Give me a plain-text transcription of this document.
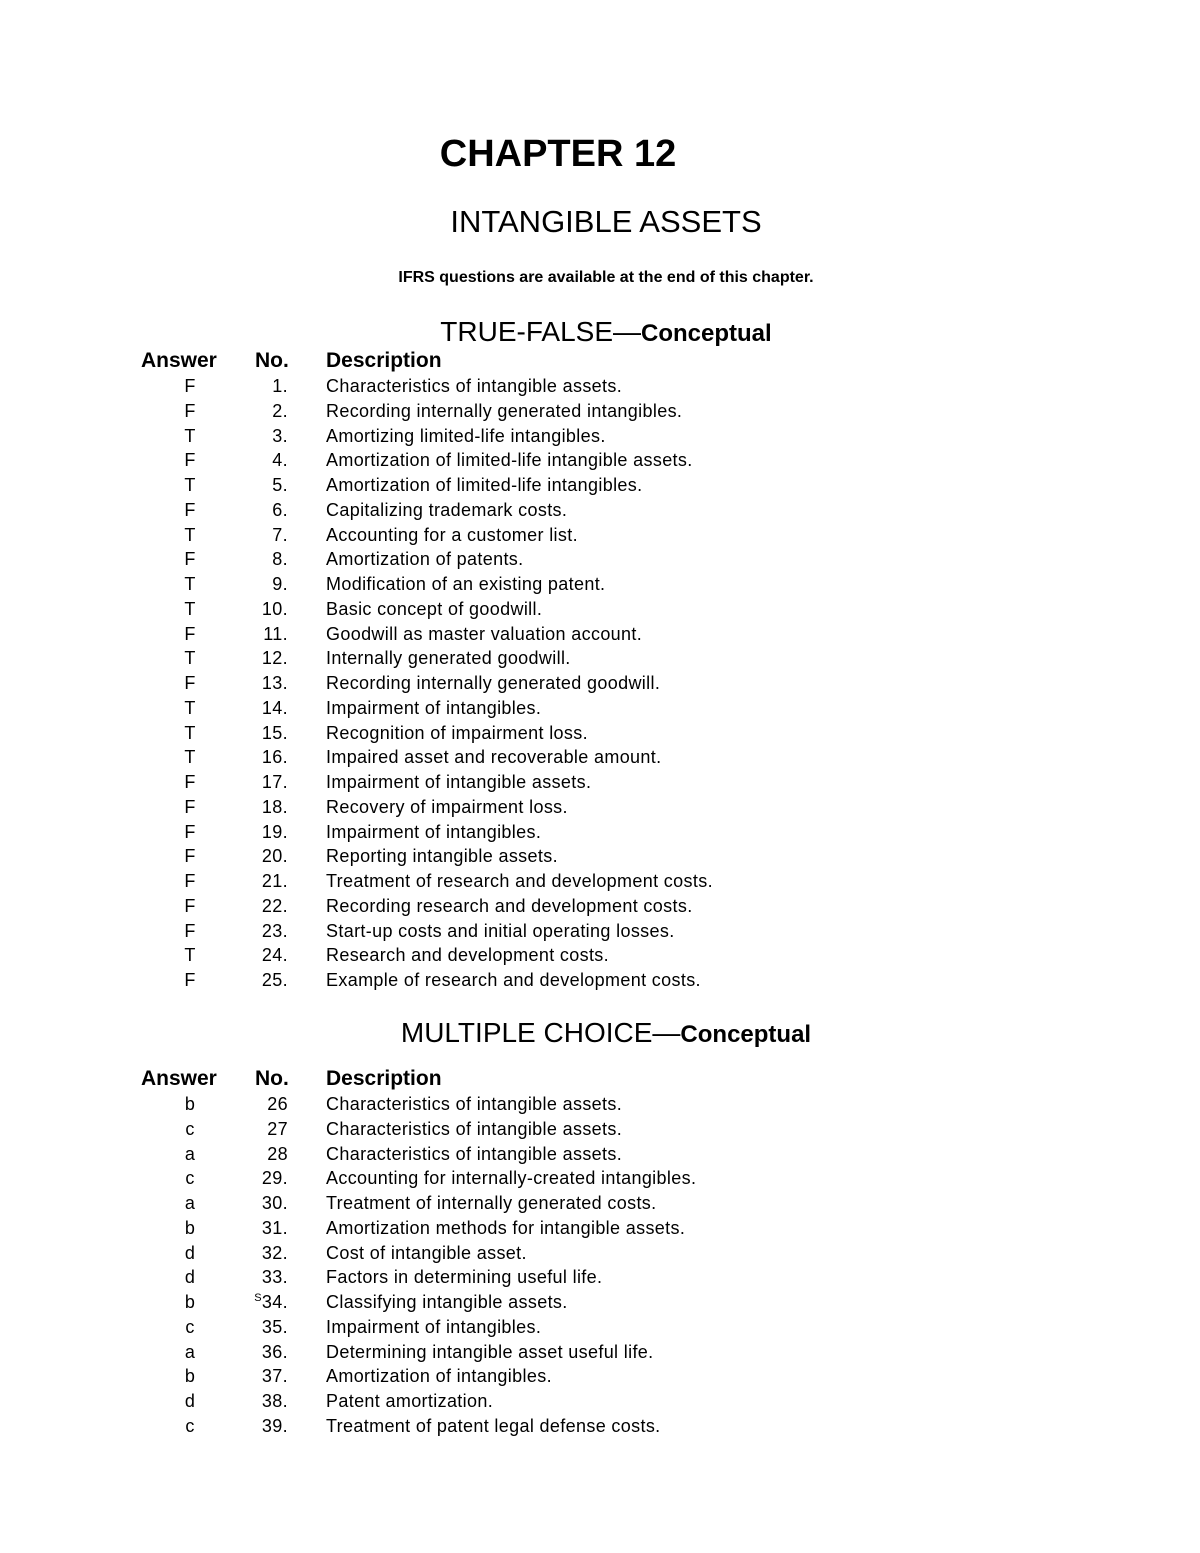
CHAPTER 12
INTANGIBLE ASSETS

IFRS questions are available at the end of this chapter.

TRUE-FALSE—Conceptual
Answer No. Description
F	1. Characteristics of intangible assets.
F	2. Recording internally generated intangibles.
T	3. Amortizing limited-life intangibles.
F	4. Amortization of limited-life intangible assets.
T	5. Amortization of limited-life intangibles.
F	6. Capitalizing trademark costs.
T	7. Accounting for a customer list.
F	8. Amortization of patents.
T	9. Modification of an existing patent.
T	10. Basic concept of goodwill.
F	11. Goodwill as master valuation account.
T	12. Internally generated goodwill.
F	13. Recording internally generated goodwill.
T	14. Impairment of intangibles.
T	15. Recognition of impairment loss.
T	16. Impaired asset and recoverable amount.
F	17. Impairment of intangible assets.
F	18. Recovery of impairment loss.
F	19. Impairment of intangibles.
F	20. Reporting intangible assets.
F	21. Treatment of research and development costs.
F	22. Recording research and development costs.
F	23. Start-up costs and initial operating losses.
T	24. Research and development costs.
F	25. Example of research and development costs.
MULTIPLE CHOICE—Conceptual
Answer No. Description
b	26 Characteristics of intangible assets.
c	27 Characteristics of intangible assets.
a	28 Characteristics of intangible assets.
c	29. Accounting for internally-created intangibles.
a	30. Treatment of internally generated costs.
b	31. Amortization methods for intangible assets.
d	32. Cost of intangible asset.
d	33. Factors in determining useful life.
b	$^S$34. Classifying intangible assets.
c	35. Impairment of intangibles.
a	36. Determining intangible asset useful life.
b	37. Amortization of intangibles.
d	38. Patent amortization.
c	39. Treatment of patent legal defense costs.
